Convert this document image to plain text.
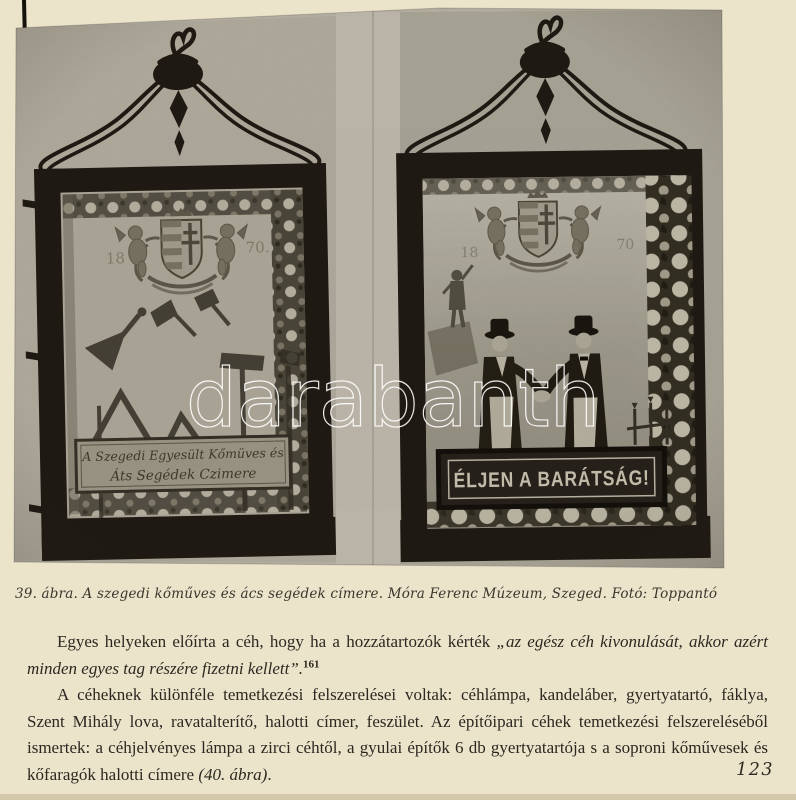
darabanth
39. ábra. A szegedi kőműves és ács segédek címere. Móra Ferenc Múzeum, Szeged. Fotó: Toppantó

Egyes helyeken előírta a céh, hogy ha a hozzátartozók kérték „az egész céh kivonulását, akkor azért minden egyes tag részére fizetni kellett”.$^{161}$

A céheknek különféle temetkezési felszerelései voltak: céhlámpa, kandeláber, gyertyatartó, fáklya, Szent Mihály lova, ravatalterítő, halotti címer, feszület. Az építőipari céhek temetkezési felszereléséből ismertek: a céhjelvényes lámpa a zirci céhtől, a gyulai építők 6 db gyertyatartója s a soproni kőművesek és kőfaragók halotti címere (40. ábra).	123
